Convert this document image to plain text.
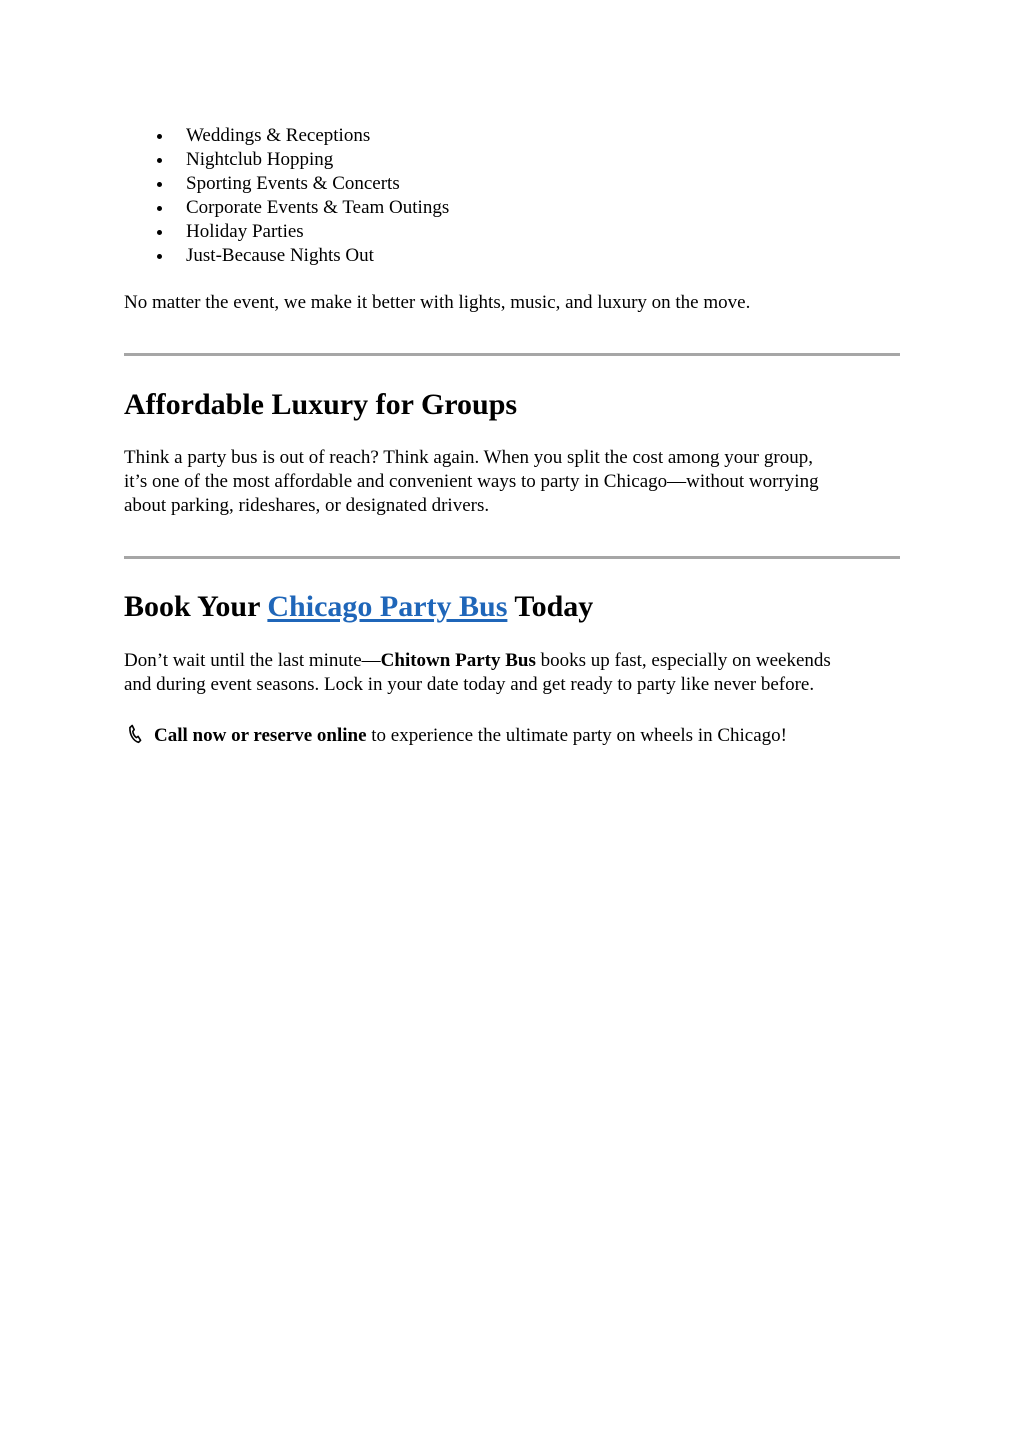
Weddings & Receptions
Nightclub Hopping
Sporting Events & Concerts
Corporate Events & Team Outings
Holiday Parties
Just-Because Nights Out

No matter the event, we make it better with lights, music, and luxury on the move.

Affordable Luxury for Groups
Think a party bus is out of reach? Think again. When you split the cost among your group,
it’s one of the most affordable and convenient ways to party in Chicago—without worrying
about parking, rideshares, or designated drivers.
Book Your Chicago Party Bus Today
Don’t wait until the last minute—Chitown Party Bus books up fast, especially on weekends
and during event seasons. Lock in your date today and get ready to party like never before.
Call now or reserve online to experience the ultimate party on wheels in Chicago!
